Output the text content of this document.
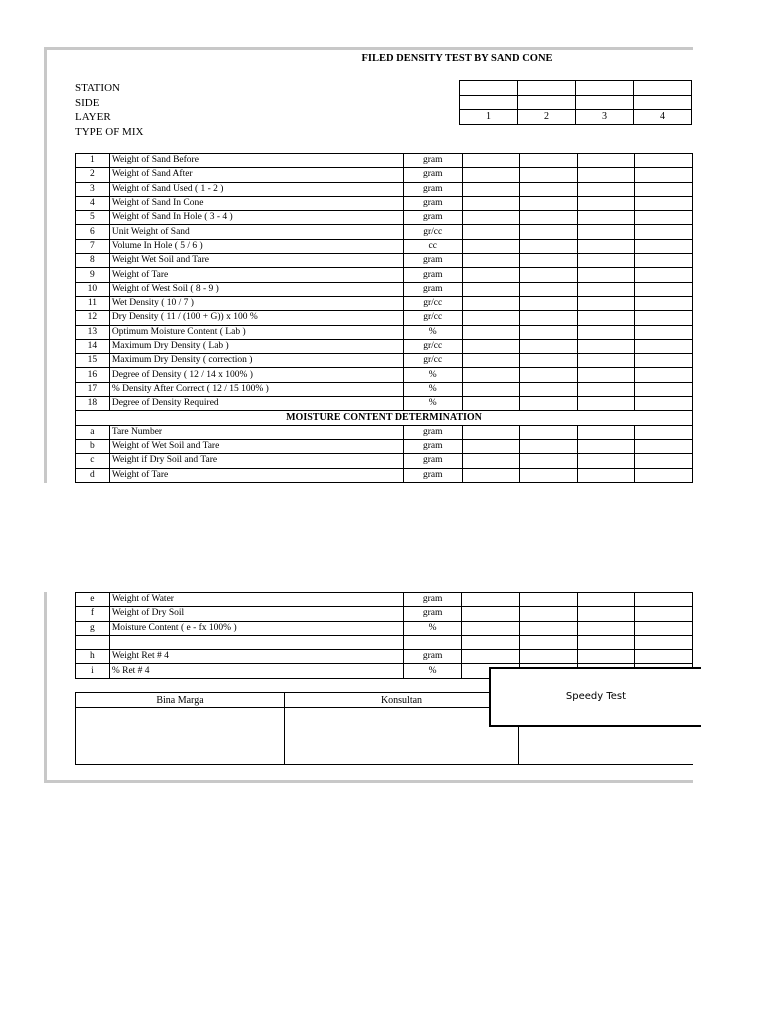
FILED DENSITY TEST BY SAND CONE
STATION
SIDE
LAYER
TYPE OF MIX

1	2	3	4
1	Weight of Sand Before	gram				
2	Weight of Sand After	gram				
3	Weight of Sand Used ( 1 - 2 )	gram				
4	Weight of Sand In Cone	gram				
5	Weight of Sand In Hole ( 3 - 4 )	gram				
6	Unit Weight of Sand	gr/cc				
7	Volume In Hole ( 5 / 6 )	cc				
8	Weight Wet Soil and Tare	gram				
9	Weight of Tare	gram				
10	Weight of West Soil ( 8 - 9 )	gram				
11	Wet Density ( 10 / 7 )	gr/cc				
12	Dry Density ( 11 / (100 + G)) x 100 %	gr/cc				
13	Optimum Moisture Content ( Lab )	%				
14	Maximum Dry Density ( Lab )	gr/cc				
15	Maximum Dry Density ( correction )	gr/cc				
16	Degree of Density ( 12 / 14 x 100% )	%				
17	% Density After Correct ( 12 / 15 100% )	%				
18	Degree of Density Required	%				
MOISTURE CONTENT DETERMINATION						
a	Tare Number	gram				
b	Weight of Wet Soil and Tare	gram				
c	Weight if Dry Soil and Tare	gram				
d	Weight of Tare	gram				
e	Weight of Water	gram				
f	Weight of Dry Soil	gram				
g	Moisture Content ( e - fx 100% )	%				

h	Weight Ret # 4	gram				
i	% Ret # 4	%				
Bina Marga	Konsultan	
			Speedy Test
